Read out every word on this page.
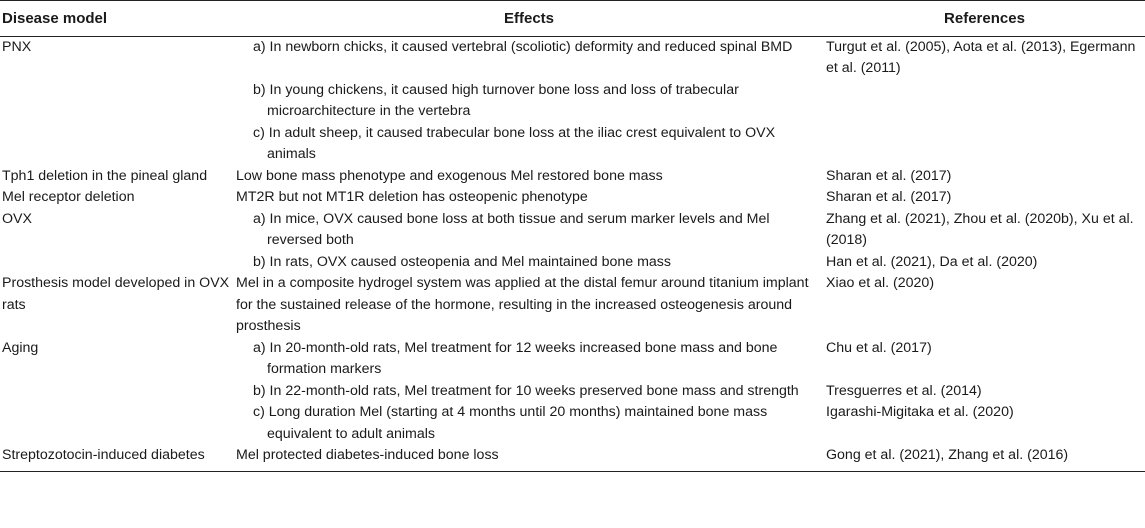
Disease model	Effects	References
PNX	a) In newborn chicks, it caused vertebral (scoliotic) deformity and reduced spinal BMD	Turgut et al. (2005), Aota et al. (2013), Egermann et al. (2011)

	b) In young chickens, it caused high turnover bone loss and loss of trabecular microarchitecture in the vertebra	

	c) In adult sheep, it caused trabecular bone loss at the iliac crest equivalent to OVX animals	

Tph1 deletion in the pineal gland	Low bone mass phenotype and exogenous Mel restored bone mass	Sharan et al. (2017)
Mel receptor deletion	MT2R but not MT1R deletion has osteopenic phenotype	Sharan et al. (2017)
OVX	a) In mice, OVX caused bone loss at both tissue and serum marker levels and Mel reversed both	Zhang et al. (2021), Zhou et al. (2020b), Xu et al. (2018)

	b) In rats, OVX caused osteopenia and Mel maintained bone mass	Han et al. (2021), Da et al. (2020)
Prosthesis model developed in OVX rats	Mel in a composite hydrogel system was applied at the distal femur around titanium implant for the sustained release of the hormone, resulting in the increased osteogenesis around prosthesis	Xiao et al. (2020)
Aging	a) In 20-month-old rats, Mel treatment for 12 weeks increased bone mass and bone formation markers	Chu et al. (2017)

	b) In 22-month-old rats, Mel treatment for 10 weeks preserved bone mass and strength	Tresguerres et al. (2014)

	c) Long duration Mel (starting at 4 months until 20 months) maintained bone mass equivalent to adult animals	Igarashi-Migitaka et al. (2020)
Streptozotocin-induced diabetes	Mel protected diabetes-induced bone loss	Gong et al. (2021), Zhang et al. (2016)
